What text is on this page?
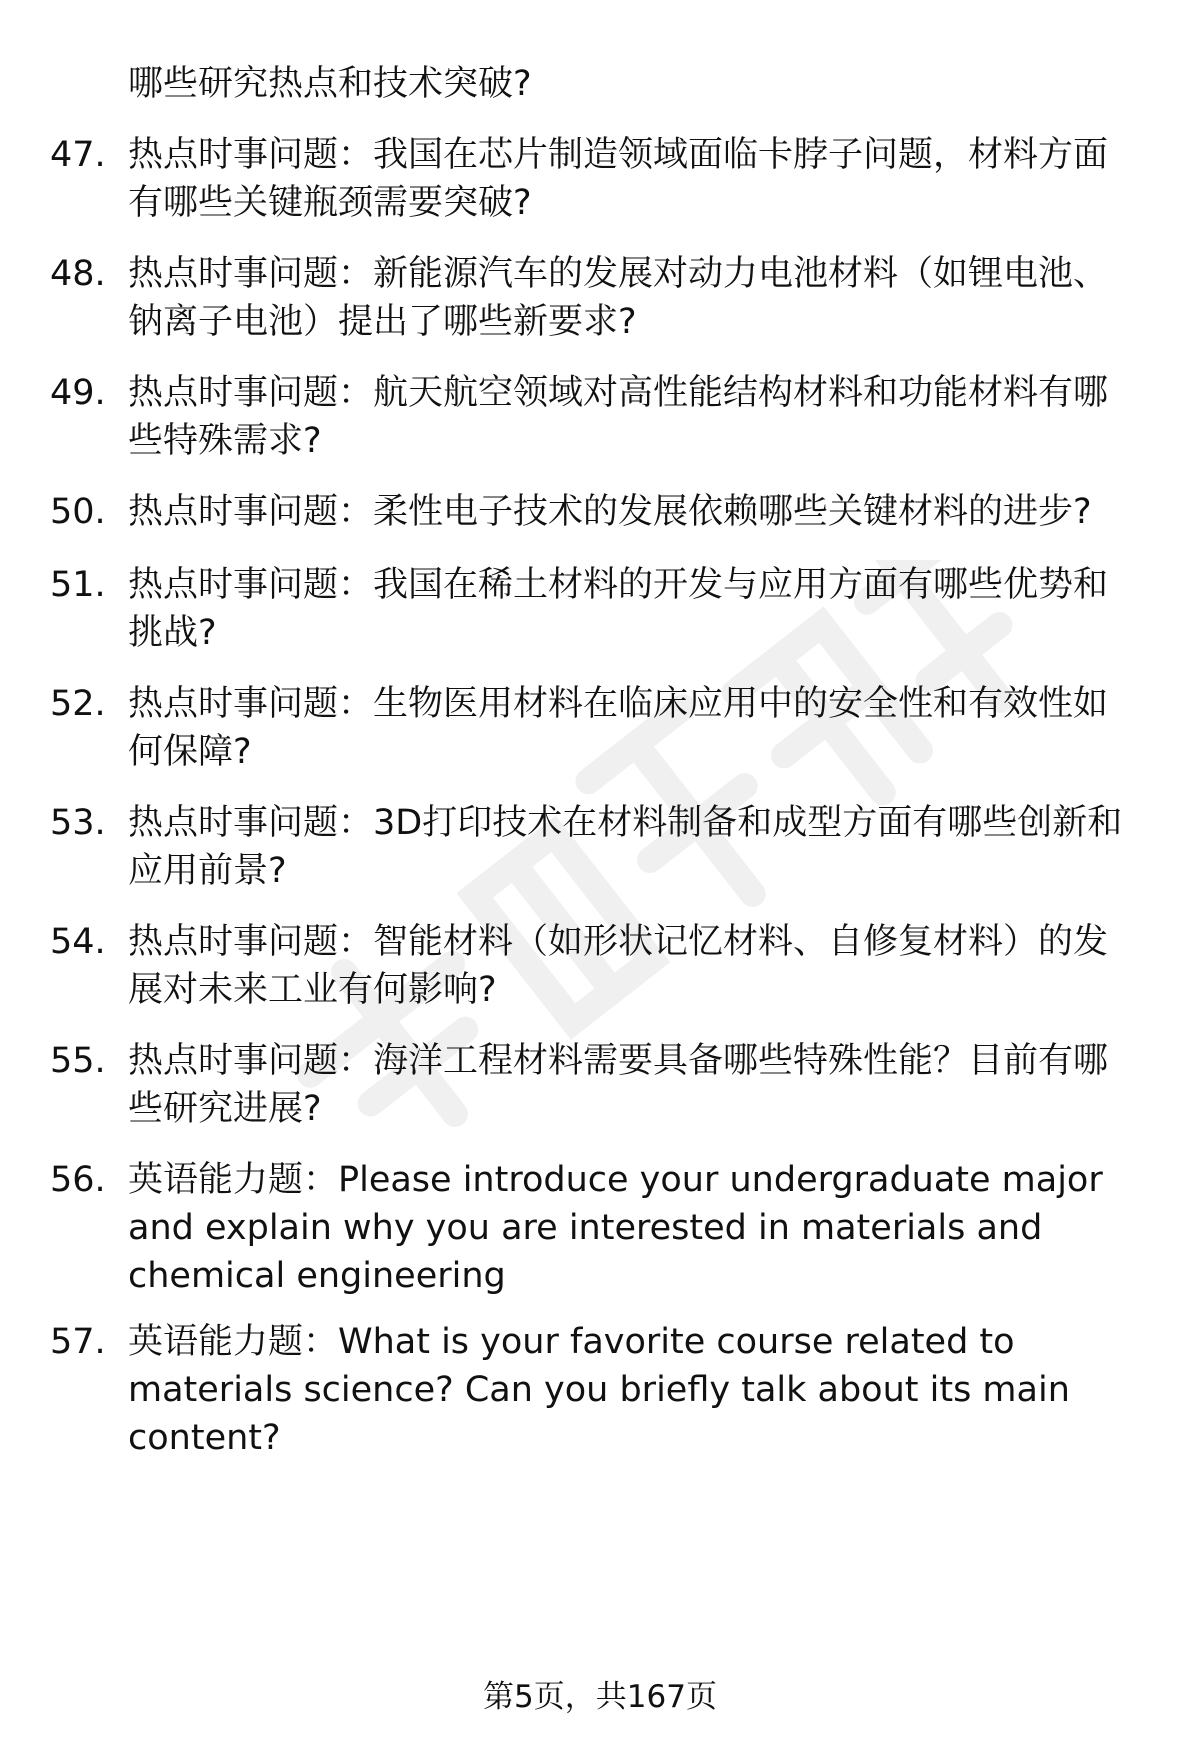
哪些研究热点和技术突破?
47. 热点时事问题：我国在芯片制造领域面临卡脖子问题，材料方面有哪些关键瓶颈需要突破?
48. 热点时事问题：新能源汽车的发展对动力电池材料（如锂电池、钠离子电池）提出了哪些新要求?
49. 热点时事问题：航天航空领域对高性能结构材料和功能材料有哪些特殊需求?
50. 热点时事问题：柔性电子技术的发展依赖哪些关键材料的进步?
51. 热点时事问题：我国在稀土材料的开发与应用方面有哪些优势和挑战?
52. 热点时事问题：生物医用材料在临床应用中的安全性和有效性如何保障?
53. 热点时事问题：3D打印技术在材料制备和成型方面有哪些创新和应用前景?
54. 热点时事问题：智能材料（如形状记忆材料、自修复材料）的发展对未来工业有何影响?
55. 热点时事问题：海洋工程材料需要具备哪些特殊性能？目前有哪些研究进展?
56. 英语能力题：Please introduce your undergraduate major and explain why you are interested in materials and chemical engineering
57. 英语能力题：What is your favorite course related to materials science? Can you briefly talk about its main content?
第5页，共167页
